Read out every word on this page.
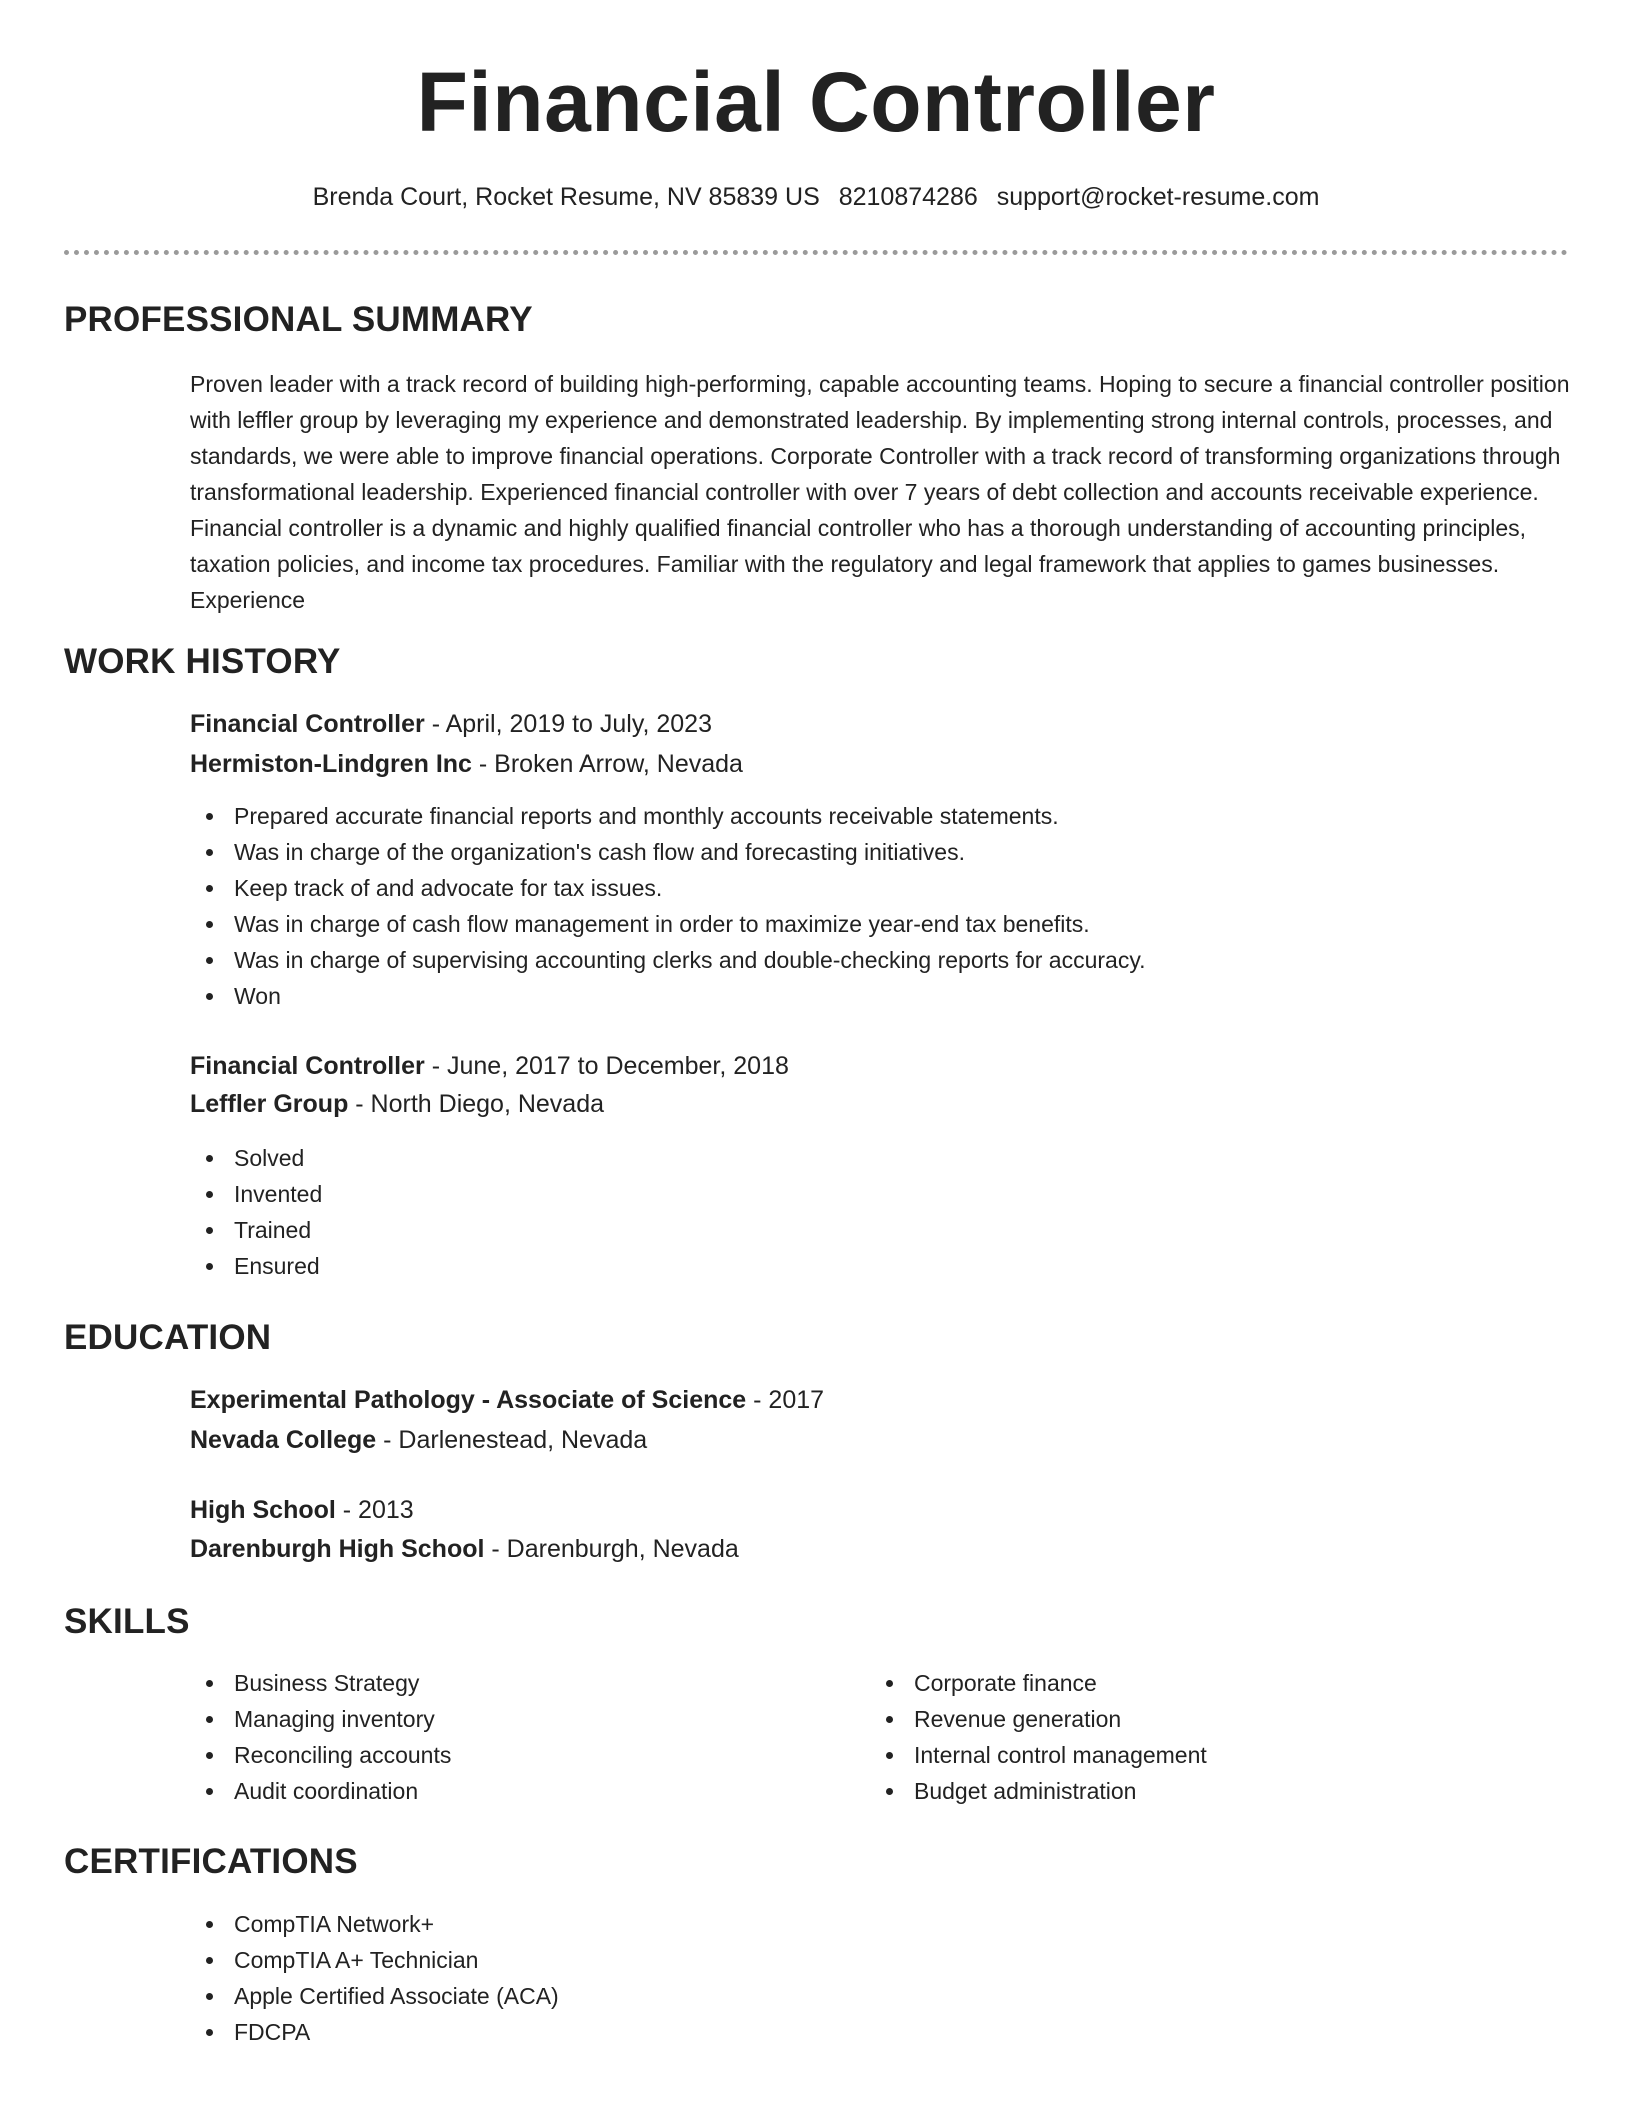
Financial Controller
Brenda Court, Rocket Resume, NV 85839 US 8210874286 support@rocket-resume.com
PROFESSIONAL SUMMARY

Proven leader with a track record of building high-performing, capable accounting teams. Hoping to secure a financial controller position with leffler group by leveraging my experience and demonstrated leadership. By implementing strong internal controls, processes, and standards, we were able to improve financial operations. Corporate Controller with a track record of transforming organizations through transformational leadership. Experienced financial controller with over 7 years of debt collection and accounts receivable experience. Financial controller is a dynamic and highly qualified financial controller who has a thorough understanding of accounting principles, taxation policies, and income tax procedures. Familiar with the regulatory and legal framework that applies to games businesses. Experience

WORK HISTORY
Financial Controller - April, 2019 to July, 2023
Hermiston-Lindgren Inc - Broken Arrow, Nevada
Prepared accurate financial reports and monthly accounts receivable statements.
Was in charge of the organization's cash flow and forecasting initiatives.
Keep track of and advocate for tax issues.
Was in charge of cash flow management in order to maximize year-end tax benefits.
Was in charge of supervising accounting clerks and double-checking reports for accuracy.
Won
Financial Controller - June, 2017 to December, 2018
Leffler Group - North Diego, Nevada
Solved
Invented
Trained
Ensured
EDUCATION
Experimental Pathology - Associate of Science - 2017
Nevada College - Darlenestead, Nevada
High School - 2013
Darenburgh High School - Darenburgh, Nevada
SKILLS
Business Strategy
Managing inventory
Reconciling accounts
Audit coordination
Corporate finance
Revenue generation
Internal control management
Budget administration
CERTIFICATIONS
CompTIA Network+
CompTIA A+ Technician
Apple Certified Associate (ACA)
FDCPA
